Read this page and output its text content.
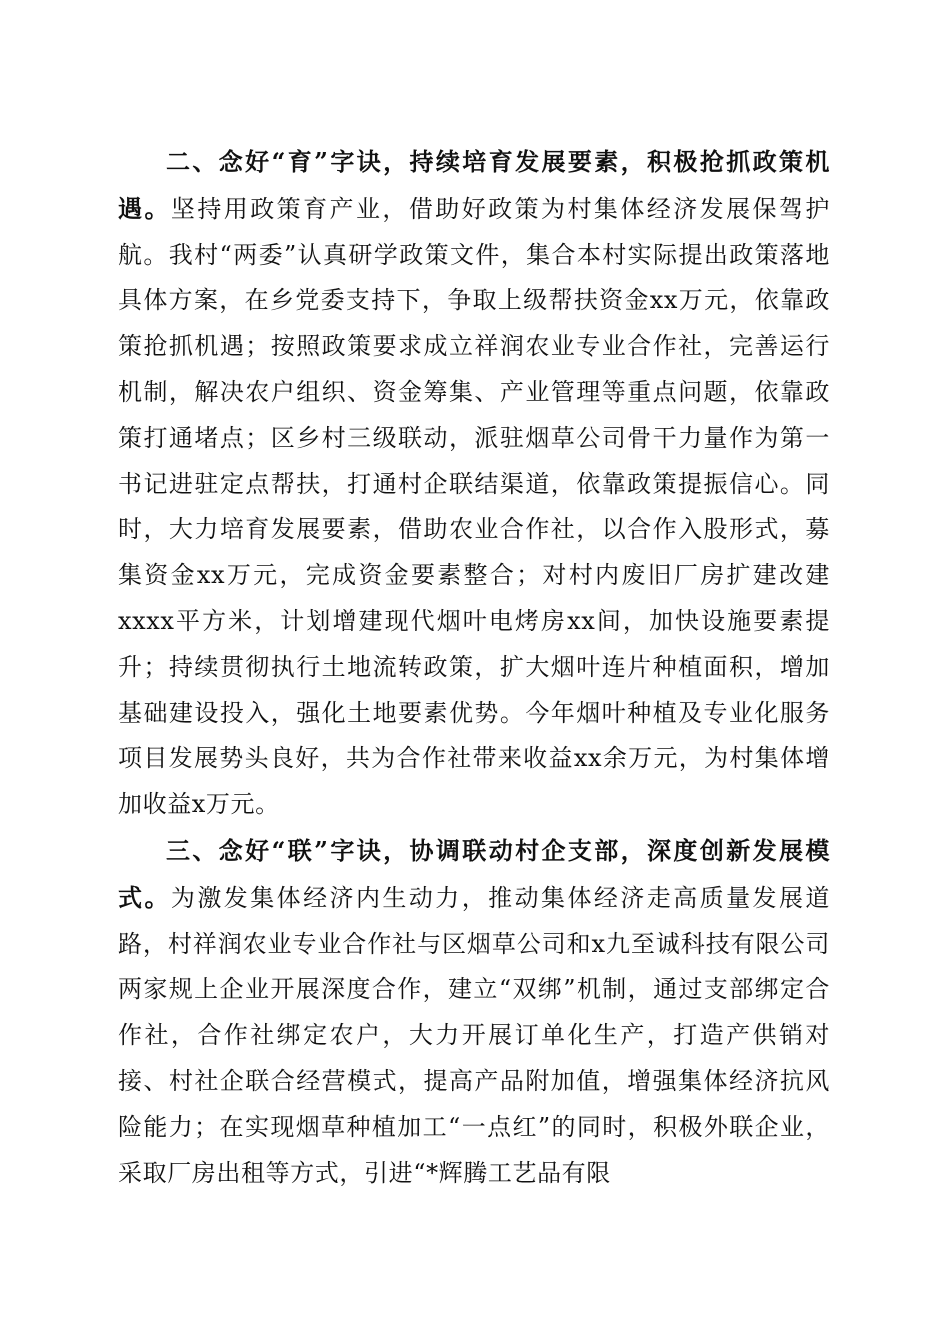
二、念好“育”字诀，持续培育发展要素，积极抢抓政策机遇。坚持用政策育产业，借助好政策为村集体经济发展保驾护航。我村“两委”认真研学政策文件，集合本村实际提出政策落地具体方案，在乡党委支持下，争取上级帮扶资金xx万元，依靠政策抢抓机遇；按照政策要求成立祥润农业专业合作社，完善运行机制，解决农户组织、资金筹集、产业管理等重点问题，依靠政策打通堵点；区乡村三级联动，派驻烟草公司骨干力量作为第一书记进驻定点帮扶，打通村企联结渠道，依靠政策提振信心。同时，大力培育发展要素，借助农业合作社，以合作入股形式，募集资金xx万元，完成资金要素整合；对村内废旧厂房扩建改建xxxx平方米，计划增建现代烟叶电烤房xx间，加快设施要素提升；持续贯彻执行土地流转政策，扩大烟叶连片种植面积，增加基础建设投入，强化土地要素优势。今年烟叶种植及专业化服务项目发展势头良好，共为合作社带来收益xx余万元，为村集体增加收益x万元。

三、念好“联”字诀，协调联动村企支部，深度创新发展模式。为激发集体经济内生动力，推动集体经济走高质量发展道路，村祥润农业专业合作社与区烟草公司和x九至诚科技有限公司两家规上企业开展深度合作，建立“双绑”机制，通过支部绑定合作社，合作社绑定农户，大力开展订单化生产，打造产供销对接、村社企联合经营模式，提高产品附加值，增强集体经济抗风险能力；在实现烟草种植加工“一点红”的同时，积极外联企业，采取厂房出租等方式，引进“*辉腾工艺品有限
